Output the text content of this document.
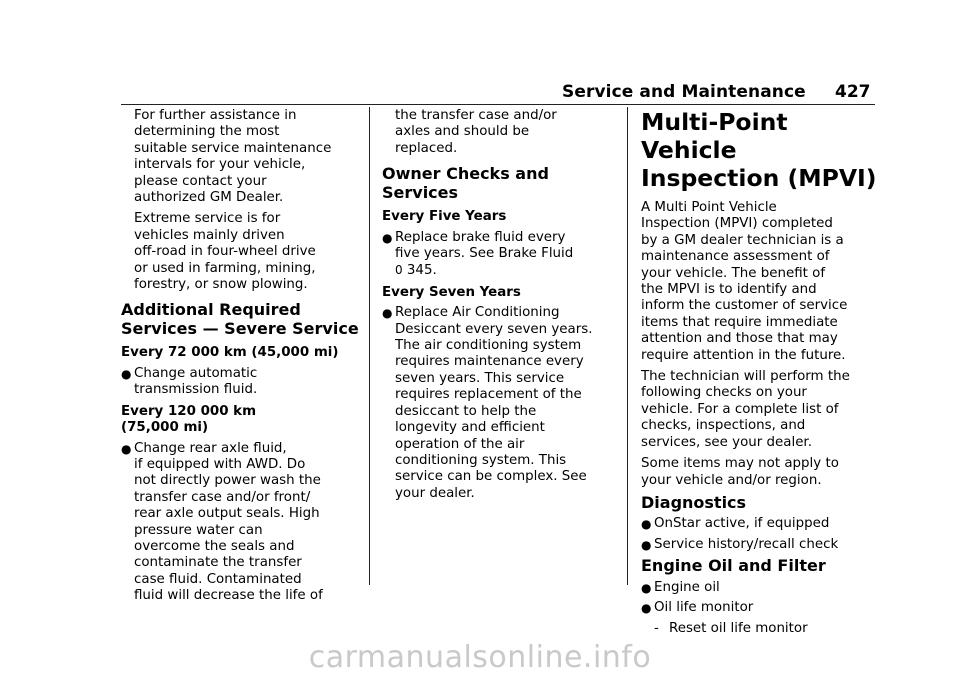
Service and Maintenance 427

For further assistance in
determining the most
suitable service maintenance
intervals for your vehicle,
please contact your
authorized GM Dealer.

Extreme service is for
vehicles mainly driven
off-road in four-wheel drive
or used in farming, mining,
forestry, or snow plowing.

Additional Required
Services — Severe Service
Every 72 000 km (45,000 mi)
● Change automatic
transmission fluid.
Every 120 000 km
(75,000 mi)
● Change rear axle fluid,
if equipped with AWD. Do
not directly power wash the
transfer case and/or front/
rear axle output seals. High
pressure water can
overcome the seals and
contaminate the transfer
case fluid. Contaminated
fluid will decrease the life of

the transfer case and/or
axles and should be
replaced.

Owner Checks and
Services
Every Five Years
● Replace brake fluid every
five years. See Brake Fluid
0 345.
Every Seven Years
● Replace Air Conditioning
Desiccant every seven years.
The air conditioning system
requires maintenance every
seven years. This service
requires replacement of the
desiccant to help the
longevity and efficient
operation of the air
conditioning system. This
service can be complex. See
your dealer.
Multi-Point Vehicle
Inspection (MPVI)

A Multi Point Vehicle
Inspection (MPVI) completed
by a GM dealer technician is a
maintenance assessment of
your vehicle. The benefit of
the MPVI is to identify and
inform the customer of service
items that require immediate
attention and those that may
require attention in the future.

The technician will perform the
following checks on your
vehicle. For a complete list of
checks, inspections, and
services, see your dealer.

Some items may not apply to
your vehicle and/or region.

Diagnostics
● OnStar active, if equipped
● Service history/recall check
Engine Oil and Filter
● Engine oil
● Oil life monitor
- Reset oil life monitor
carmanualsonline.info
